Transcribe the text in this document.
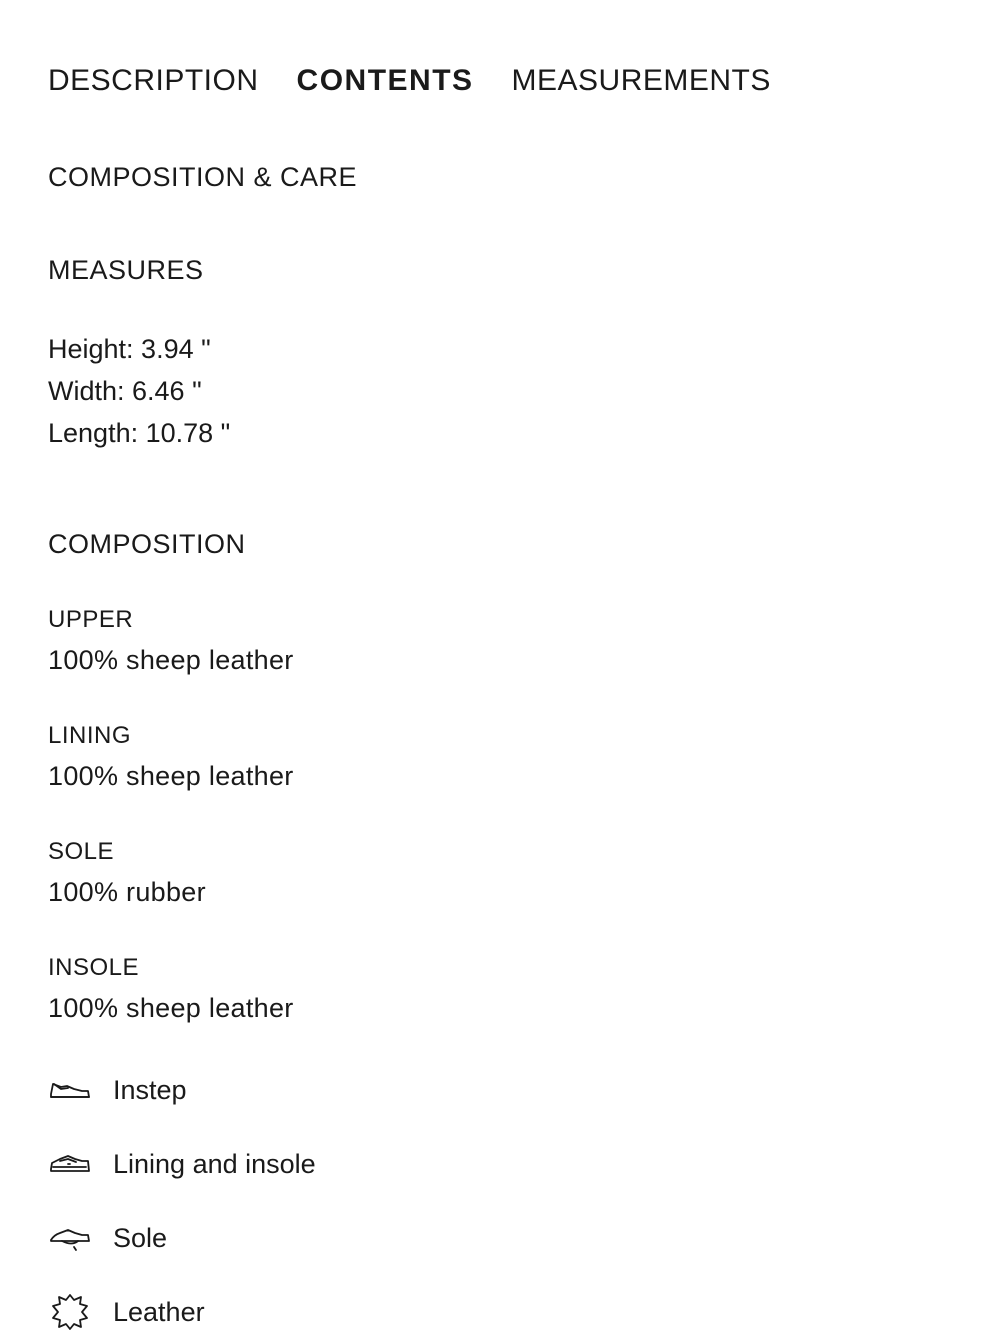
DESCRIPTION CONTENTS MEASUREMENTS
COMPOSITION & CARE
MEASURES
Height: 3.94 "
Width: 6.46 "
Length: 10.78 "
COMPOSITION
UPPER
100% sheep leather
LINING
100% sheep leather
SOLE
100% rubber
INSOLE
100% sheep leather
Instep
Lining and insole
Sole
Leather
